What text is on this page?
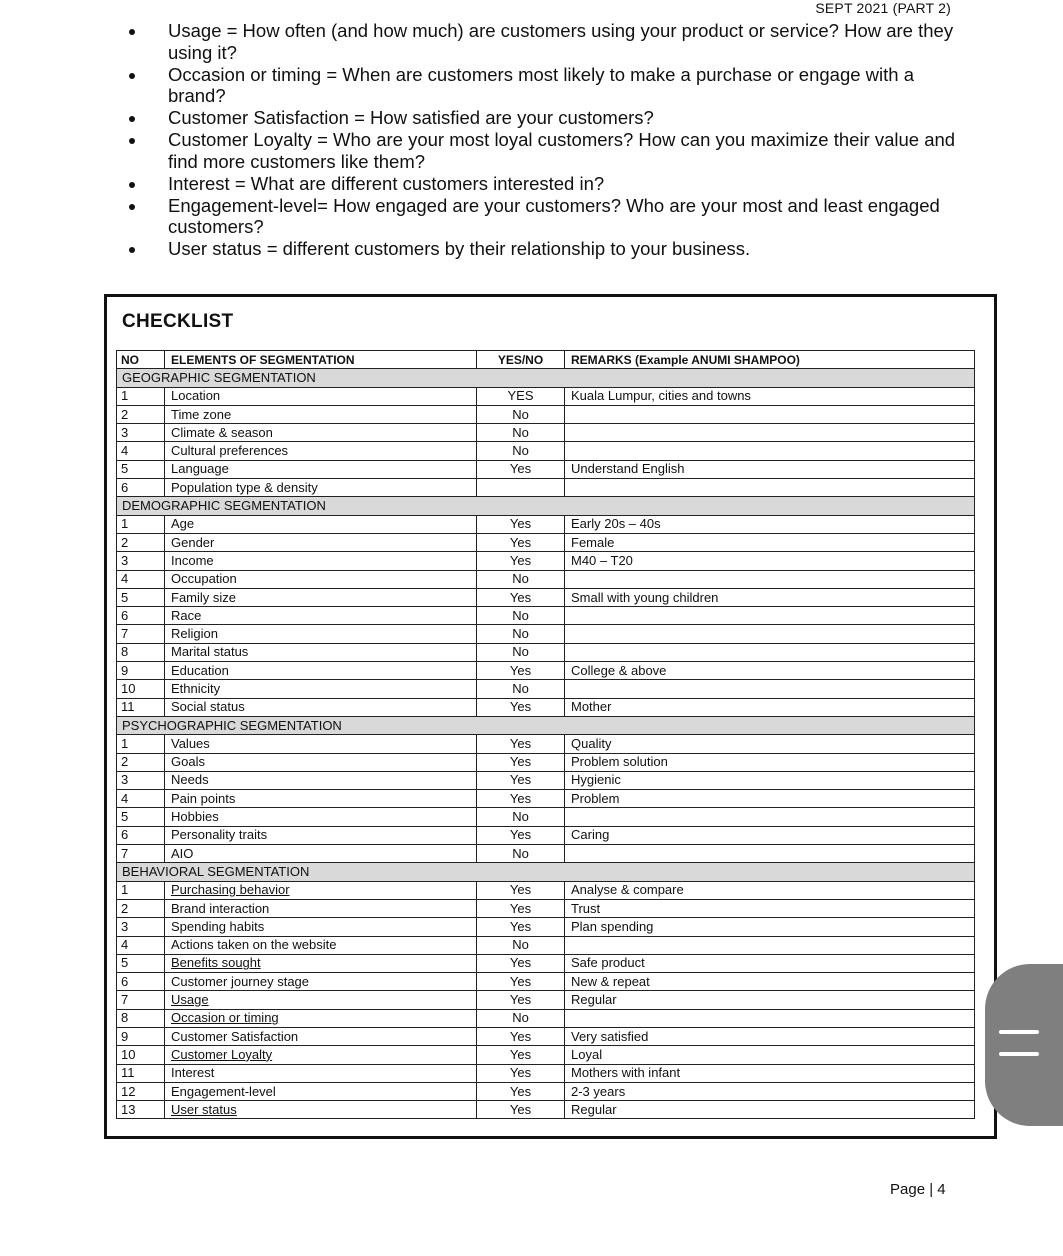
SEPT 2021 (PART 2)
Usage = How often (and how much) are customers using your product or service? How are they using it?
Occasion or timing = When are customers most likely to make a purchase or engage with a brand?
Customer Satisfaction = How satisfied are your customers?
Customer Loyalty = Who are your most loyal customers? How can you maximize their value and find more customers like them?
Interest = What are different customers interested in?
Engagement-level= How engaged are your customers? Who are your most and least engaged customers?
User status = different customers by their relationship to your business.
CHECKLIST
NO	ELEMENTS OF SEGMENTATION	YES/NO	REMARKS (Example ANUMI SHAMPOO)
GEOGRAPHIC SEGMENTATION			
1	Location	YES	Kuala Lumpur, cities and towns
2	Time zone	No	
3	Climate & season	No	
4	Cultural preferences	No	
5	Language	Yes	Understand English
6	Population type & density		
DEMOGRAPHIC SEGMENTATION			
1	Age	Yes	Early 20s – 40s
2	Gender	Yes	Female
3	Income	Yes	M40 – T20
4	Occupation	No	
5	Family size	Yes	Small with young children
6	Race	No	
7	Religion	No	
8	Marital status	No	
9	Education	Yes	College & above
10	Ethnicity	No	
11	Social status	Yes	Mother
PSYCHOGRAPHIC SEGMENTATION			
1	Values	Yes	Quality
2	Goals	Yes	Problem solution
3	Needs	Yes	Hygienic
4	Pain points	Yes	Problem
5	Hobbies	No	
6	Personality traits	Yes	Caring
7	AIO	No	
BEHAVIORAL SEGMENTATION			
1	Purchasing behavior	Yes	Analyse & compare
2	Brand interaction	Yes	Trust
3	Spending habits	Yes	Plan spending
4	Actions taken on the website	No	
5	Benefits sought	Yes	Safe product
6	Customer journey stage	Yes	New & repeat
7	Usage	Yes	Regular
8	Occasion or timing	No	
9	Customer Satisfaction	Yes	Very satisfied
10	Customer Loyalty	Yes	Loyal
11	Interest	Yes	Mothers with infant
12	Engagement-level	Yes	2-3 years
13	User status	Yes	Regular
Page | 4
